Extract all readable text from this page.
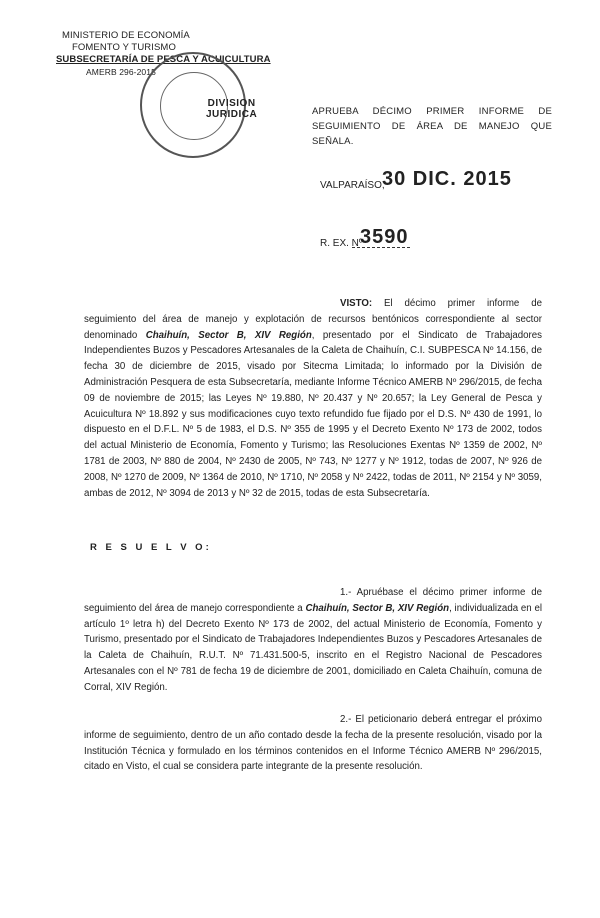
MINISTERIO DE ECONOMÍA
FOMENTO Y TURISMO
SUBSECRETARÍA DE PESCA Y ACUICULTURA
AMERB 296-2015
DIVISION
JURIDICA	APRUEBA DÉCIMO PRIMER INFORME DE
SEGUIMIENTO DE ÁREA DE MANEJO QUE SEÑALA.
VALPARAÍSO,
30 DIC. 2015
R. EX. Nº
3590
VISTO: El décimo primer informe de seguimiento del área de manejo y explotación de recursos bentónicos correspondiente al sector denominado Chaihuín, Sector B, XIV Región, presentado por el Sindicato de Trabajadores Independientes Buzos y Pescadores Artesanales de la Caleta de Chaihuín, C.I. SUBPESCA Nº 14.156, de fecha 30 de diciembre de 2015, visado por Sitecma Limitada; lo informado por la División de Administración Pesquera de esta Subsecretaría, mediante Informe Técnico AMERB Nº 296/2015, de fecha 09 de noviembre de 2015; las Leyes Nº 19.880, Nº 20.437 y Nº 20.657; la Ley General de Pesca y Acuicultura Nº 18.892 y sus modificaciones cuyo texto refundido fue fijado por el D.S. Nº 430 de 1991, lo dispuesto en el D.F.L. Nº 5 de 1983, el D.S. Nº 355 de 1995 y el Decreto Exento Nº 173 de 2002, todos del actual Ministerio de Economía, Fomento y Turismo; las Resoluciones Exentas Nº 1359 de 2002, Nº 1781 de 2003, Nº 880 de 2004, Nº 2430 de 2005, Nº 743, Nº 1277 y Nº 1912, todas de 2007, Nº 926 de 2008, Nº 1270 de 2009, Nº 1364 de 2010, Nº 1710, Nº 2058 y Nº 2422, todas de 2011, Nº 2154 y Nº 3059, ambas de 2012, Nº 3094 de 2013 y Nº 32 de 2015, todas de esta Subsecretaría.
R E S U E L V O:
1.- Apruébase el décimo primer informe de seguimiento del área de manejo correspondiente a Chaihuín, Sector B, XIV Región, individualizada en el artículo 1º letra h) del Decreto Exento Nº 173 de 2002, del actual Ministerio de Economía, Fomento y Turismo, presentado por el Sindicato de Trabajadores Independientes Buzos y Pescadores Artesanales de la Caleta de Chaihuín, R.U.T. Nº 71.431.500-5, inscrito en el Registro Nacional de Pescadores Artesanales con el Nº 781 de fecha 19 de diciembre de 2001, domiciliado en Caleta Chaihuín, comuna de Corral, XIV Región.
2.- El peticionario deberá entregar el próximo informe de seguimiento, dentro de un año contado desde la fecha de la presente resolución, visado por la Institución Técnica y formulado en los términos contenidos en el Informe Técnico AMERB Nº 296/2015, citado en Visto, el cual se considera parte integrante de la presente resolución.
